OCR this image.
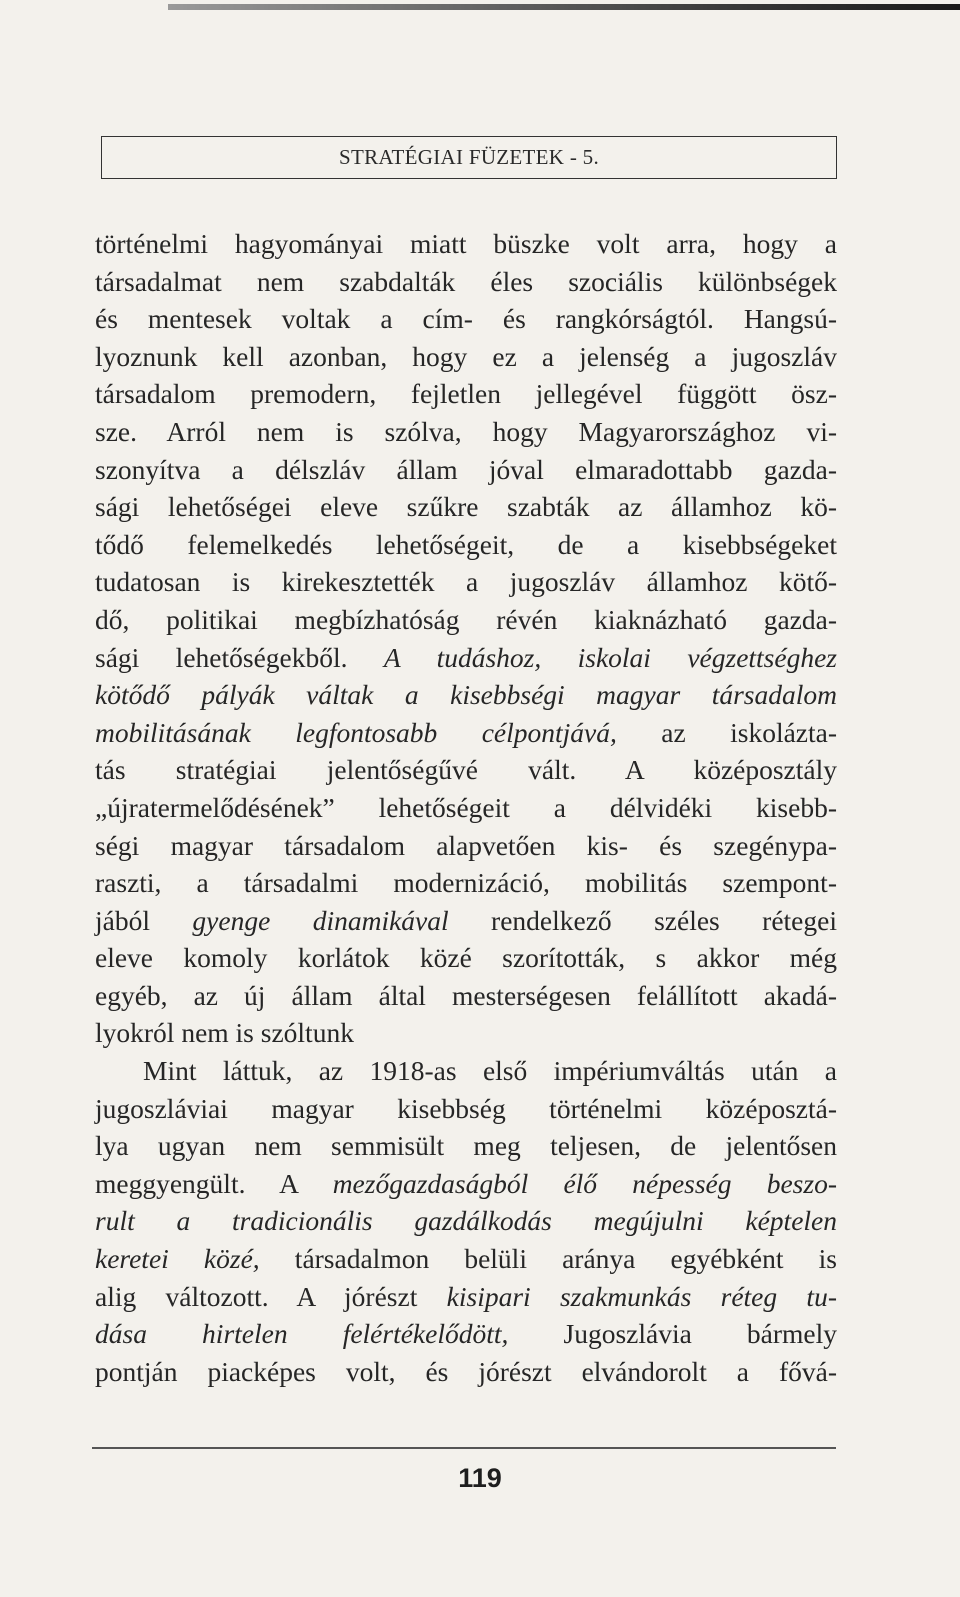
STRATÉGIAI FÜZETEK - 5.
történelmi hagyományai miatt büszke volt arra, hogy a
társadalmat nem szabdalták éles szociális különbségek
és mentesek voltak a cím- és rangkórságtól. Hangsú-
lyoznunk kell azonban, hogy ez a jelenség a jugoszláv
társadalom premodern, fejletlen jellegével függött ösz-
sze. Arról nem is szólva, hogy Magyarországhoz vi-
szonyítva a délszláv állam jóval elmaradottabb gazda-
sági lehetőségei eleve szűkre szabták az államhoz kö-
tődő felemelkedés lehetőségeit, de a kisebbségeket
tudatosan is kirekesztették a jugoszláv államhoz kötő-
dő, politikai megbízhatóság révén kiaknázható gazda-
sági lehetőségekből. A tudáshoz, iskolai végzettséghez
kötődő pályák váltak a kisebbségi magyar társadalom
mobilitásának legfontosabb célpontjává, az iskolázta-
tás stratégiai jelentőségűvé vált. A középosztály
„újratermelődésének” lehetőségeit a délvidéki kisebb-
ségi magyar társadalom alapvetően kis- és szegénypa-
raszti, a társadalmi modernizáció, mobilitás szempont-
jából gyenge dinamikával rendelkező széles rétegei
eleve komoly korlátok közé szorították, s akkor még
egyéb, az új állam által mesterségesen felállított akadá-
lyokról nem is szóltunk
Mint láttuk, az 1918-as első impériumváltás után a
jugoszláviai magyar kisebbség történelmi középosztá-
lya ugyan nem semmisült meg teljesen, de jelentősen
meggyengült. A mezőgazdaságból élő népesség beszo-
rult a tradicionális gazdálkodás megújulni képtelen
keretei közé, társadalmon belüli aránya egyébként is
alig változott. A jórészt kisipari szakmunkás réteg tu-
dása hirtelen felértékelődött, Jugoszlávia bármely
pontján piacképes volt, és jórészt elvándorolt a fővá-
119
